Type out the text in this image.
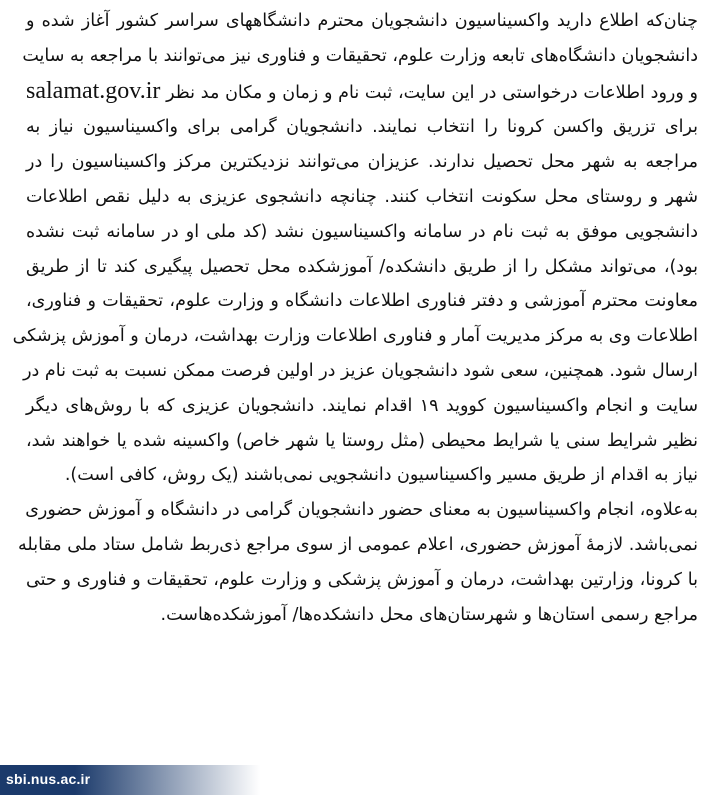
چنان‌که اطلاع دارید واکسیناسیون دانشجویان محترم دانشگاههای سراسر کشور آغاز شده و
دانشجویان دانشگاه‌های تابعه وزارت علوم، تحقیقات و فناوری نیز می‌توانند با مراجعه به سایت
و ورود اطلاعات درخواستی در این سایت، ثبت نام و زمان و مکان مد نظر salamat.gov.ir
برای تزریق واکسن کرونا را انتخاب نمایند. دانشجویان گرامی برای واکسیناسیون نیاز به
مراجعه به شهر محل تحصیل ندارند. عزیزان می‌توانند نزدیکترین مرکز واکسیناسیون را در
شهر و روستای محل سکونت انتخاب کنند. چنانچه دانشجوی عزیزی به دلیل نقص اطلاعات
دانشجویی موفق به ثبت نام در سامانه واکسیناسیون نشد (کد ملی او در سامانه ثبت نشده
بود)، می‌تواند مشکل را از طریق دانشکده/ آموزشکده محل تحصیل پیگیری کند تا از طریق
معاونت محترم آموزشی و دفتر فناوری اطلاعات دانشگاه و وزارت علوم، تحقیقات و فناوری،
اطلاعات وی به مرکز مدیریت آمار و فناوری اطلاعات وزارت بهداشت، درمان و آموزش پزشکی
ارسال شود. همچنین، سعی شود دانشجویان عزیز در اولین فرصت ممکن نسبت به ثبت نام در
سایت و انجام واکسیناسیون کووید ۱۹ اقدام نمایند. دانشجویان عزیزی که با روش‌های دیگر
نظیر شرایط سنی یا شرایط محیطی (مثل روستا یا شهر خاص) واکسینه شده یا خواهند شد،
نیاز به اقدام از طریق مسیر واکسیناسیون دانشجویی نمی‌باشند (یک روش، کافی است).

به‌علاوه، انجام واکسیناسیون به معنای حضور دانشجویان گرامی در دانشگاه و آموزش حضوری
نمی‌باشد. لازمهٔ آموزش حضوری، اعلام عمومی از سوی مراجع ذی‌ربط شامل ستاد ملی مقابله
با کرونا، وزارتین بهداشت، درمان و آموزش پزشکی و وزارت علوم، تحقیقات و فناوری و حتی
مراجع رسمی استان‌ها و شهرستان‌های محل دانشکده‌ها/ آموزشکده‌هاست.

sbi.nus.ac.ir
